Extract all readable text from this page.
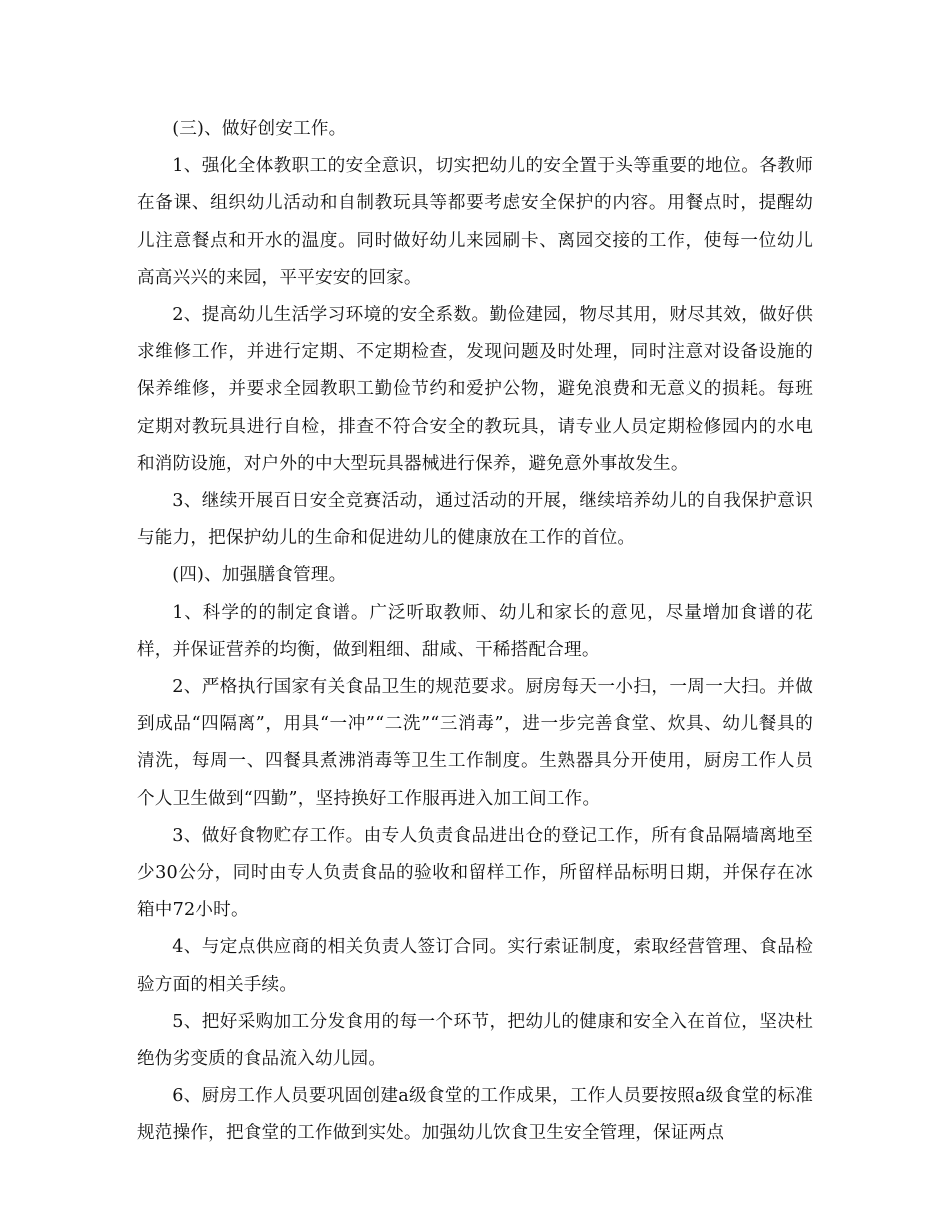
(三)、做好创安工作。

1、强化全体教职工的安全意识，切实把幼儿的安全置于头等重要的地位。各教师在备课、组织幼儿活动和自制教玩具等都要考虑安全保护的内容。用餐点时，提醒幼儿注意餐点和开水的温度。同时做好幼儿来园刷卡、离园交接的工作，使每一位幼儿高高兴兴的来园，平平安安的回家。

2、提高幼儿生活学习环境的安全系数。勤俭建园，物尽其用，财尽其效，做好供求维修工作，并进行定期、不定期检查，发现问题及时处理，同时注意对设备设施的保养维修，并要求全园教职工勤俭节约和爱护公物，避免浪费和无意义的损耗。每班定期对教玩具进行自检，排查不符合安全的教玩具，请专业人员定期检修园内的水电和消防设施，对户外的中大型玩具器械进行保养，避免意外事故发生。

3、继续开展百日安全竞赛活动，通过活动的开展，继续培养幼儿的自我保护意识与能力，把保护幼儿的生命和促进幼儿的健康放在工作的首位。

(四)、加强膳食管理。

1、科学的的制定食谱。广泛听取教师、幼儿和家长的意见，尽量增加食谱的花样，并保证营养的均衡，做到粗细、甜咸、干稀搭配合理。

2、严格执行国家有关食品卫生的规范要求。厨房每天一小扫，一周一大扫。并做到成品“四隔离”，用具“一冲”“二洗”“三消毒”，进一步完善食堂、炊具、幼儿餐具的清洗，每周一、四餐具煮沸消毒等卫生工作制度。生熟器具分开使用，厨房工作人员个人卫生做到“四勤”，坚持换好工作服再进入加工间工作。

3、做好食物贮存工作。由专人负责食品进出仓的登记工作，所有食品隔墙离地至少30公分，同时由专人负责食品的验收和留样工作，所留样品标明日期，并保存在冰箱中72小时。

4、与定点供应商的相关负责人签订合同。实行索证制度，索取经营管理、食品检验方面的相关手续。

5、把好采购加工分发食用的每一个环节，把幼儿的健康和安全入在首位，坚决杜绝伪劣变质的食品流入幼儿园。

6、厨房工作人员要巩固创建a级食堂的工作成果，工作人员要按照a级食堂的标准规范操作，把食堂的工作做到实处。加强幼儿饮食卫生安全管理，保证两点
